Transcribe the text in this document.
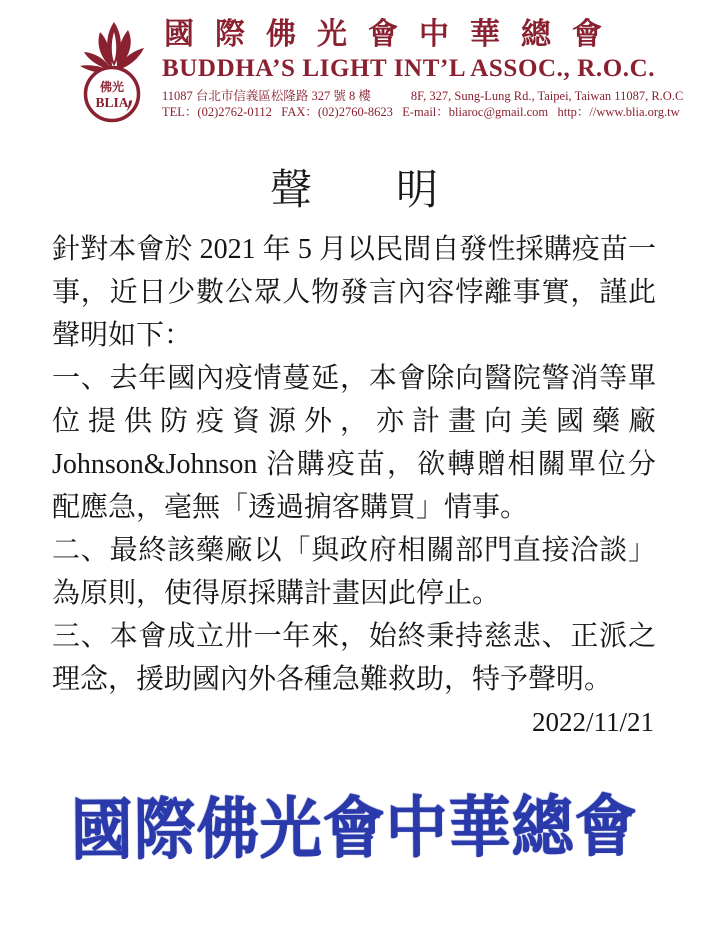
佛光
BLIA
國際佛光會中華總會
BUDDHA’S LIGHT INT’L ASSOC., R.O.C.
11087 台北市信義區松隆路 327 號 8 樓	8F, 327, Sung-Lung Rd., Taipei, Taiwan 11087, R.O.C
TEL：(02)2762-0112   FAX：(02)2760-8623   E-mail：bliaroc@gmail.com   http：//www.blia.org.tw
聲 明

針對本會於 2021 年 5 月以民間自發性採購疫苗一事，近日少數公眾人物發言內容悖離事實，謹此聲明如下：

一、去年國內疫情蔓延，本會除向醫院警消等單位提供防疫資源外，亦計畫向美國藥廠 Johnson&Johnson 洽購疫苗，欲轉贈相關單位分配應急，毫無「透過掮客購買」情事。

二、最終該藥廠以「與政府相關部門直接洽談」為原則，使得原採購計畫因此停止。

三、本會成立卅一年來，始終秉持慈悲、正派之理念，援助國內外各種急難救助，特予聲明。

2022/11/21
國際佛光會中華總會
